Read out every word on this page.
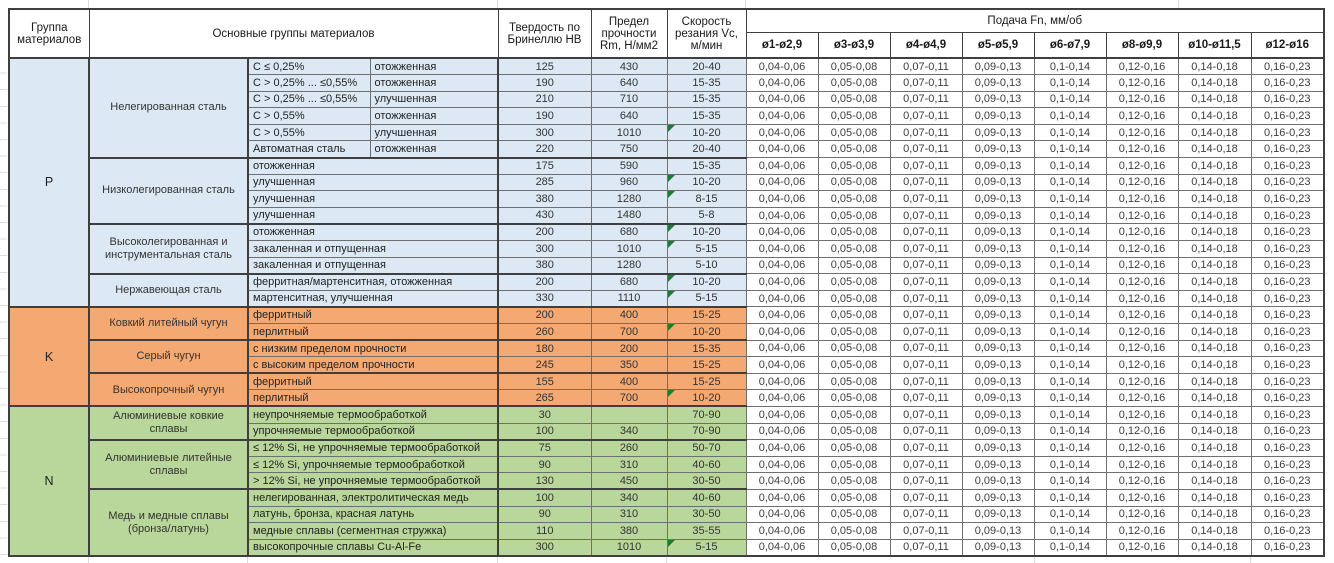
Группа материалов	Основные группы материалов			Твердость по Бринеллю HB	Предел прочности Rm, Н/мм2	Скорость резания Vc, м/мин	Подача Fn, мм/об							
							ø1-ø2,9	ø3-ø3,9	ø4-ø4,9	ø5-ø5,9	ø6-ø7,9	ø8-ø9,9	ø10-ø11,5	ø12-ø16
P	Нелегированная сталь	C ≤ 0,25%	отожженная	125	430	20-40	0,04-0,06	0,05-0,08	0,07-0,11	0,09-0,13	0,1-0,14	0,12-0,16	0,14-0,18	0,16-0,23
		C > 0,25% ... ≤0,55%	отожженная	190	640	15-35	0,04-0,06	0,05-0,08	0,07-0,11	0,09-0,13	0,1-0,14	0,12-0,16	0,14-0,18	0,16-0,23
		C > 0,25% ... ≤0,55%	улучшенная	210	710	15-35	0,04-0,06	0,05-0,08	0,07-0,11	0,09-0,13	0,1-0,14	0,12-0,16	0,14-0,18	0,16-0,23
		C > 0,55%	отожженная	190	640	15-35	0,04-0,06	0,05-0,08	0,07-0,11	0,09-0,13	0,1-0,14	0,12-0,16	0,14-0,18	0,16-0,23
		C > 0,55%	улучшенная	300	1010	10-20	0,04-0,06	0,05-0,08	0,07-0,11	0,09-0,13	0,1-0,14	0,12-0,16	0,14-0,18	0,16-0,23
		Автоматная сталь	отожженная	220	750	20-40	0,04-0,06	0,05-0,08	0,07-0,11	0,09-0,13	0,1-0,14	0,12-0,16	0,14-0,18	0,16-0,23
	Низколегированная сталь	отожженная		175	590	15-35	0,04-0,06	0,05-0,08	0,07-0,11	0,09-0,13	0,1-0,14	0,12-0,16	0,14-0,18	0,16-0,23
		улучшенная		285	960	10-20	0,04-0,06	0,05-0,08	0,07-0,11	0,09-0,13	0,1-0,14	0,12-0,16	0,14-0,18	0,16-0,23
		улучшенная		380	1280	8-15	0,04-0,06	0,05-0,08	0,07-0,11	0,09-0,13	0,1-0,14	0,12-0,16	0,14-0,18	0,16-0,23
		улучшенная		430	1480	5-8	0,04-0,06	0,05-0,08	0,07-0,11	0,09-0,13	0,1-0,14	0,12-0,16	0,14-0,18	0,16-0,23
	Высоколегированная и инструментальная сталь	отожженная		200	680	10-20	0,04-0,06	0,05-0,08	0,07-0,11	0,09-0,13	0,1-0,14	0,12-0,16	0,14-0,18	0,16-0,23
		закаленная и отпущенная		300	1010	5-15	0,04-0,06	0,05-0,08	0,07-0,11	0,09-0,13	0,1-0,14	0,12-0,16	0,14-0,18	0,16-0,23
		закаленная и отпущенная		380	1280	5-10	0,04-0,06	0,05-0,08	0,07-0,11	0,09-0,13	0,1-0,14	0,12-0,16	0,14-0,18	0,16-0,23
	Нержавеющая сталь	ферритная/мартенситная, отожженная		200	680	10-20	0,04-0,06	0,05-0,08	0,07-0,11	0,09-0,13	0,1-0,14	0,12-0,16	0,14-0,18	0,16-0,23
		мартенситная, улучшенная		330	1110	5-15	0,04-0,06	0,05-0,08	0,07-0,11	0,09-0,13	0,1-0,14	0,12-0,16	0,14-0,18	0,16-0,23
K	Ковкий литейный чугун	ферритный		200	400	15-25	0,04-0,06	0,05-0,08	0,07-0,11	0,09-0,13	0,1-0,14	0,12-0,16	0,14-0,18	0,16-0,23
		перлитный		260	700	10-20	0,04-0,06	0,05-0,08	0,07-0,11	0,09-0,13	0,1-0,14	0,12-0,16	0,14-0,18	0,16-0,23
	Серый чугун	с низким пределом прочности		180	200	15-35	0,04-0,06	0,05-0,08	0,07-0,11	0,09-0,13	0,1-0,14	0,12-0,16	0,14-0,18	0,16-0,23
		с высоким пределом прочности		245	350	15-25	0,04-0,06	0,05-0,08	0,07-0,11	0,09-0,13	0,1-0,14	0,12-0,16	0,14-0,18	0,16-0,23
	Высокопрочный чугун	ферритный		155	400	15-25	0,04-0,06	0,05-0,08	0,07-0,11	0,09-0,13	0,1-0,14	0,12-0,16	0,14-0,18	0,16-0,23
		перлитный		265	700	10-20	0,04-0,06	0,05-0,08	0,07-0,11	0,09-0,13	0,1-0,14	0,12-0,16	0,14-0,18	0,16-0,23
N	Алюминиевые ковкие сплавы	неупрочняемые термообработкой		30		70-90	0,04-0,06	0,05-0,08	0,07-0,11	0,09-0,13	0,1-0,14	0,12-0,16	0,14-0,18	0,16-0,23
		упрочняемые термообработкой		100	340	70-90	0,04-0,06	0,05-0,08	0,07-0,11	0,09-0,13	0,1-0,14	0,12-0,16	0,14-0,18	0,16-0,23
	Алюминиевые литейные сплавы	≤ 12% Si, не упрочняемые термообработкой		75	260	50-70	0,04-0,06	0,05-0,08	0,07-0,11	0,09-0,13	0,1-0,14	0,12-0,16	0,14-0,18	0,16-0,23
		≤ 12% Si, упрочняемые термообработкой		90	310	40-60	0,04-0,06	0,05-0,08	0,07-0,11	0,09-0,13	0,1-0,14	0,12-0,16	0,14-0,18	0,16-0,23
		> 12% Si, не упрочняемые термообработкой		130	450	30-50	0,04-0,06	0,05-0,08	0,07-0,11	0,09-0,13	0,1-0,14	0,12-0,16	0,14-0,18	0,16-0,23
	Медь и медные сплавы (бронза/латунь)	нелегированная, электролитическая медь		100	340	40-60	0,04-0,06	0,05-0,08	0,07-0,11	0,09-0,13	0,1-0,14	0,12-0,16	0,14-0,18	0,16-0,23
		латунь, бронза, красная латунь		90	310	30-50	0,04-0,06	0,05-0,08	0,07-0,11	0,09-0,13	0,1-0,14	0,12-0,16	0,14-0,18	0,16-0,23
		медные сплавы (сегментная стружка)		110	380	35-55	0,04-0,06	0,05-0,08	0,07-0,11	0,09-0,13	0,1-0,14	0,12-0,16	0,14-0,18	0,16-0,23
		высокопрочные сплавы Cu-Al-Fe		300	1010	5-15	0,04-0,06	0,05-0,08	0,07-0,11	0,09-0,13	0,1-0,14	0,12-0,16	0,14-0,18	0,16-0,23
